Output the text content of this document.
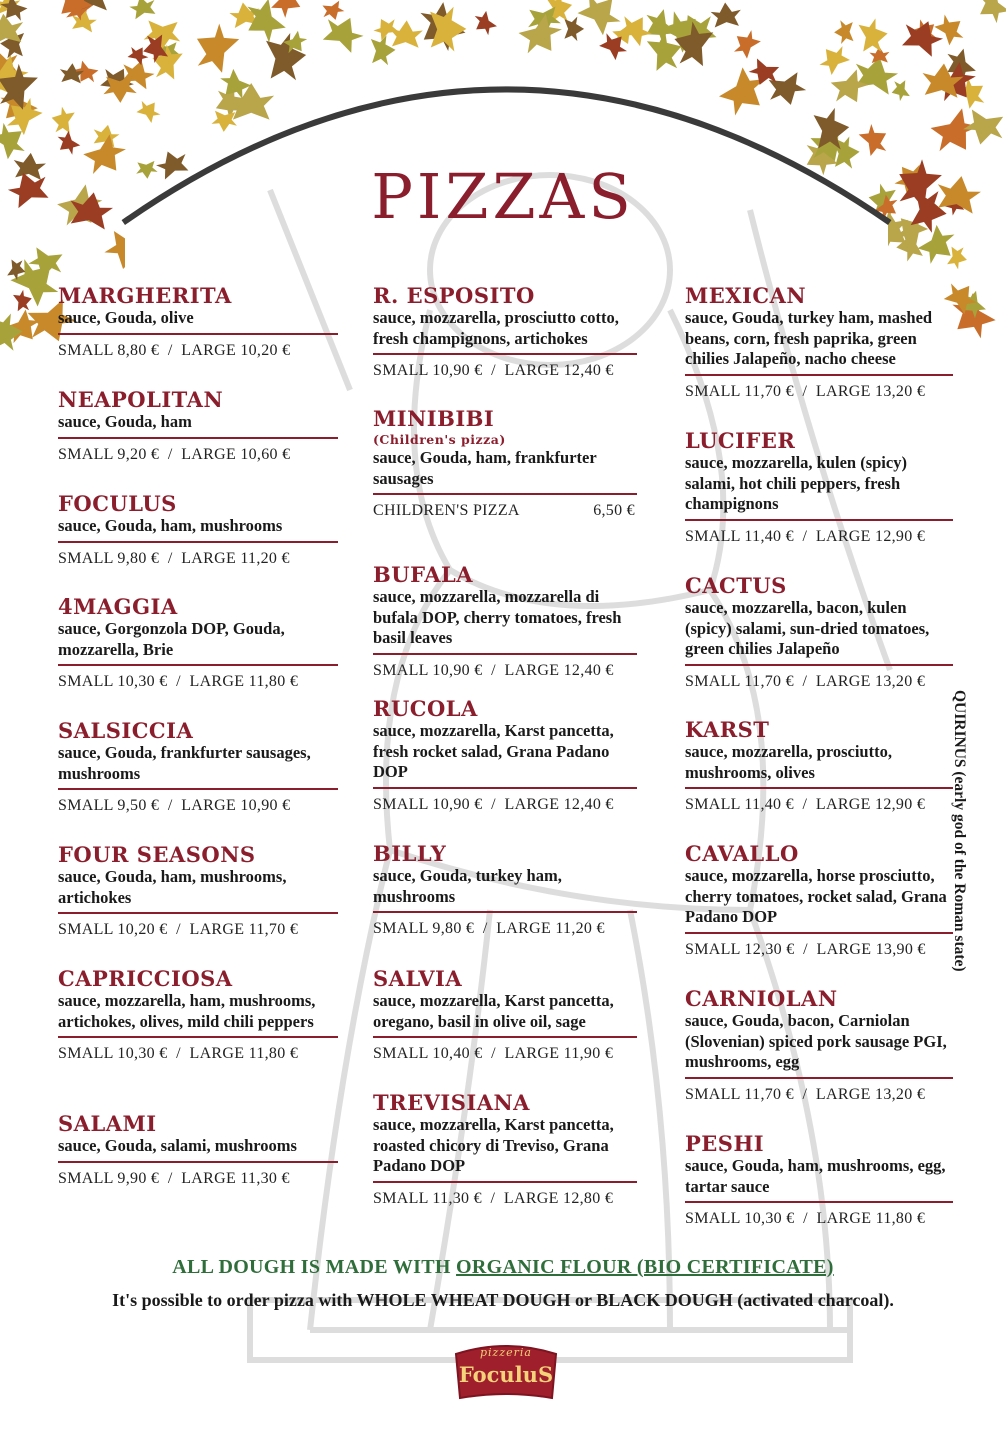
PIZZAS
MARGHERITA
sauce, Gouda, olive
SMALL 8,80 €  /  LARGE 10,20 €
NEAPOLITAN
sauce, Gouda, ham
SMALL 9,20 €  /  LARGE 10,60 €
FOCULUS
sauce, Gouda, ham, mushrooms
SMALL 9,80 €  /  LARGE 11,20 €
4MAGGIA
sauce, Gorgonzola DOP, Gouda, mozzarella, Brie
SMALL 10,30 €  /  LARGE 11,80 €
SALSICCIA
sauce, Gouda, frankfurter sausages, mushrooms
SMALL 9,50 €  /  LARGE 10,90 €
FOUR SEASONS
sauce, Gouda, ham, mushrooms, artichokes
SMALL 10,20 €  /  LARGE 11,70 €
CAPRICCIOSA
sauce, mozzarella, ham, mushrooms, artichokes, olives, mild chili peppers
SMALL 10,30 €  /  LARGE 11,80 €
SALAMI
sauce, Gouda, salami, mushrooms
SMALL 9,90 €  /  LARGE 11,30 €
R. ESPOSITO
sauce, mozzarella, prosciutto cotto, fresh champignons, artichokes
SMALL 10,90 €  /  LARGE 12,40 €
MINIBIBI
(Children's pizza)
sauce, Gouda, ham, frankfurter sausages
CHILDREN'S PIZZA	6,50 €
BUFALA
sauce, mozzarella, mozzarella di bufala DOP, cherry tomatoes, fresh basil leaves
SMALL 10,90 €  /  LARGE 12,40 €
RUCOLA
sauce, mozzarella, Karst pancetta, fresh rocket salad, Grana Padano DOP
SMALL 10,90 €  /  LARGE 12,40 €
BILLY
sauce, Gouda, turkey ham, mushrooms
SMALL 9,80 €  /  LARGE 11,20 €
SALVIA
sauce, mozzarella, Karst pancetta, oregano, basil in olive oil, sage
SMALL 10,40 €  /  LARGE 11,90 €
TREVISIANA
sauce, mozzarella, Karst pancetta, roasted chicory di Treviso, Grana Padano DOP
SMALL 11,30 €  /  LARGE 12,80 €
MEXICAN
sauce, Gouda, turkey ham, mashed beans, corn, fresh paprika, green chilies Jalapeño, nacho cheese
SMALL 11,70 €  /  LARGE 13,20 €
LUCIFER
sauce, mozzarella, kulen (spicy) salami, hot chili peppers, fresh champignons
SMALL 11,40 €  /  LARGE 12,90 €
CACTUS
sauce, mozzarella, bacon, kulen (spicy) salami, sun-dried tomatoes, green chilies Jalapeño
SMALL 11,70 €  /  LARGE 13,20 €
KARST
sauce, mozzarella, prosciutto, mushrooms, olives
SMALL 11,40 €  /  LARGE 12,90 €
CAVALLO
sauce, mozzarella, horse prosciutto, cherry tomatoes, rocket salad, Grana Padano DOP
SMALL 12,30 €  /  LARGE 13,90 €
CARNIOLAN
sauce, Gouda, bacon, Carniolan (Slovenian) spiced pork sausage PGI, mushrooms, egg
SMALL 11,70 €  /  LARGE 13,20 €
PESHI
sauce, Gouda, ham, mushrooms, egg, tartar sauce
SMALL 10,30 €  /  LARGE 11,80 €
QUIRINUS (early god of the Roman state)
ALL DOUGH IS MADE WITH ORGANIC FLOUR (BIO CERTIFICATE)
It's possible to order pizza with WHOLE WHEAT DOUGH or BLACK DOUGH (activated charcoal).
pizzeria
FoculuS
